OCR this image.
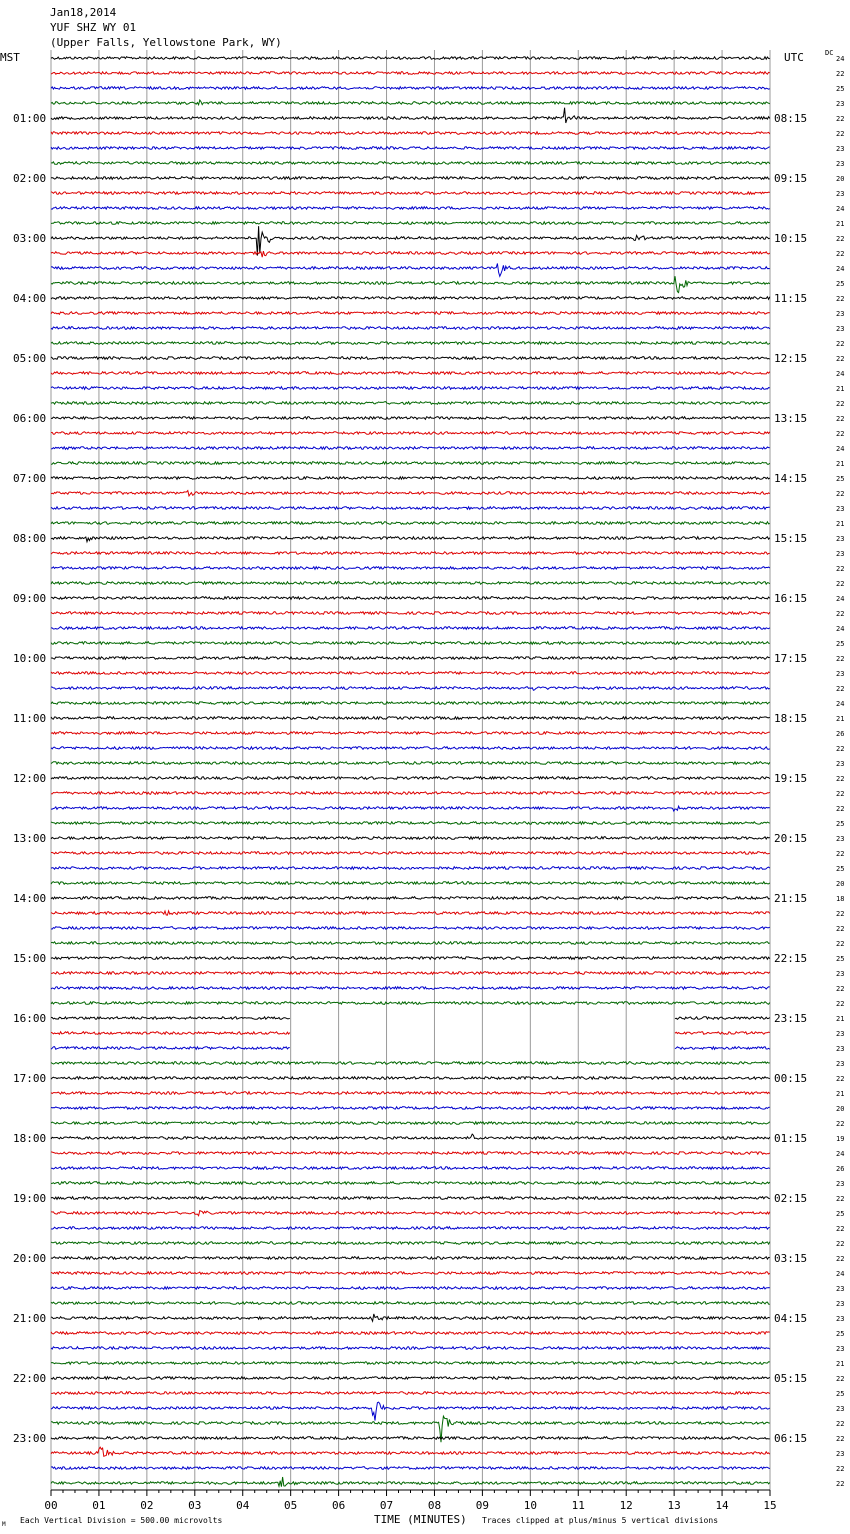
Jan18,2014
YUF SHZ WY 01
(Upper Falls, Yellowstone Park, WY)
MST	UTC	DC
01:00
02:00
03:00
04:00
05:00
06:00
07:00
08:00
09:00
10:00
11:00
12:00
13:00
14:00
15:00
16:00
17:00
18:00
19:00
20:00
21:00
22:00
23:00
08:15
09:15
10:15
11:15
12:15
13:15
14:15
15:15
16:15
17:15
18:15
19:15
20:15
21:15
22:15
23:15
00:15
01:15
02:15
03:15
04:15
05:15
06:15
24
22
25
23
22
22
23
23
20
23
24
21
22
22
24
25
22
23
23
22
22
24
21
22
22
22
24
21
25
22
23
21
23
23
22
22
24
22
24
25
22
23
22
24
21
26
22
23
22
22
22
25
23
22
25
20
18
22
22
22
25
23
22
22
21
23
23
23
22
21
20
22
19
24
26
23
22
25
22
22
22
24
23
23
23
25
23
21
22
25
23
22
22
23
22
22
00	01	02	03	04	05	06	07	08	09	10	11	12	13	14	15
TIME (MINUTES)
Each Vertical Division = 500.00 microvolts	Traces clipped at plus/minus 5 vertical divisions
M
